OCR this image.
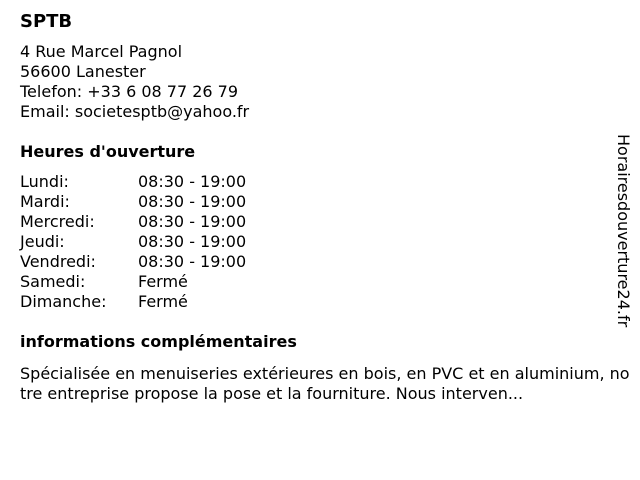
SPTB
4 Rue Marcel Pagnol
56600 Lanester
Telefon: +33 6 08 77 26 79
Email: societesptb@yahoo.fr
Heures d'ouverture
Lundi:	08:30 - 19:00
Mardi:	08:30 - 19:00
Mercredi:	08:30 - 19:00
Jeudi:	08:30 - 19:00
Vendredi:	08:30 - 19:00
Samedi:	Fermé
Dimanche:	Fermé
informations complémentaires
Spécialisée en menuiseries extérieures en bois, en PVC et en aluminium, notre entreprise propose la pose et la fourniture. Nous interven...
Horairesdouverture24.fr
